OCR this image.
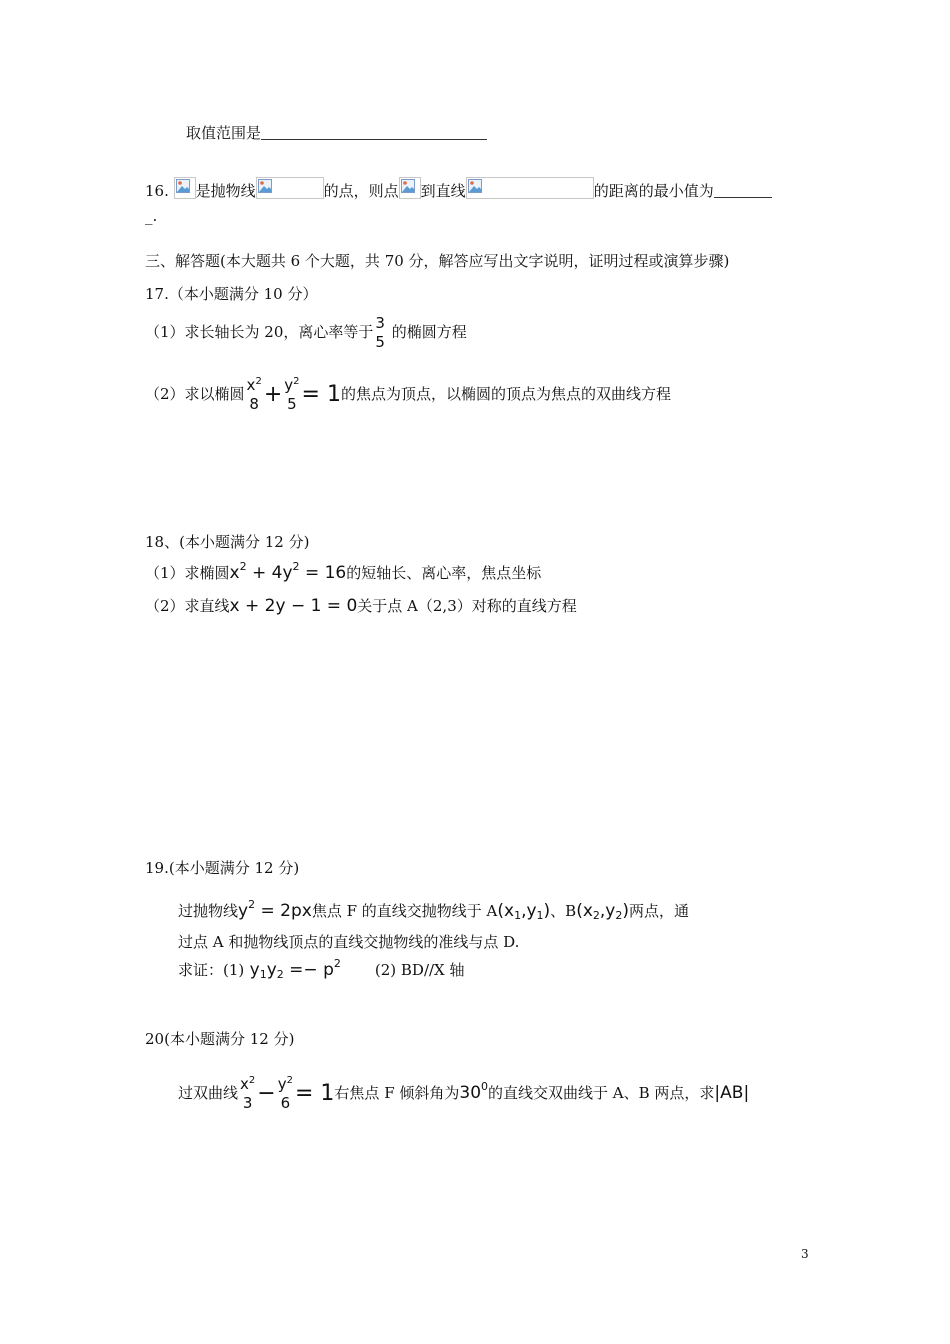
取值范围是
16. 是抛物线	的点，则点 到直线	的距离的最小值为
_.
三、解答题(本大题共 6 个大题，共 70 分，解答应写出文字说明，证明过程或演算步骤)
17.（本小题满分 10 分）
（1）求长轴长为 20，离心率等于 3
5
的椭圆方程
（2）求以椭圆 $x^2$
$8 + y^2$
5 = 1的焦点为顶点，以椭圆的顶点为焦点的双曲线方程
18、(本小题满分 12 分)
（1）求椭圆$x^2 + 4y^2 = 16$的短轴长、离心率，焦点坐标
（2）求直线x + 2y − 1 = 0关于点 A（2,3）对称的直线方程
19.(本小题满分 12 分)
过抛物线$y^2 = 2px$焦点 F 的直线交抛物线于 $A(x_1,y_1)$、$B(x_2,y_2)$两点，通
过点 A 和抛物线顶点的直线交抛物线的准线与点 D.
求证：(1) $y_1y_2 =- p^2$ (2) BD//X 轴
20(本小题满分 12 分)
过双曲线 $x^2$
$3 - y^2$
6 = 1右焦点 F 倾斜角为$30^0$的直线交双曲线于 A、B 两点，求|AB|
3
